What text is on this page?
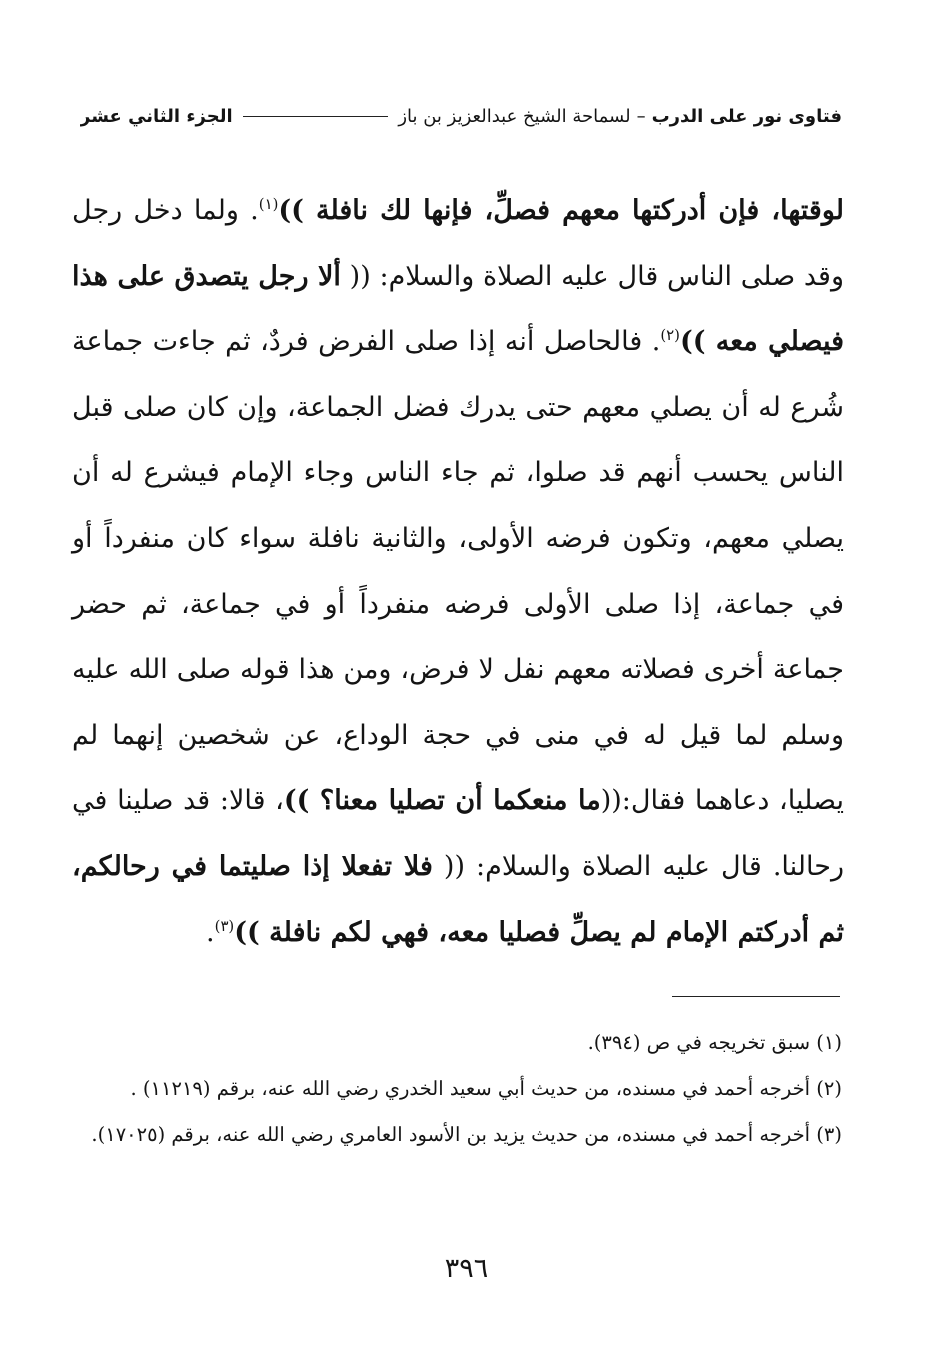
فتاوى نور على الدرب
–
لسماحة الشيخ عبدالعزيز بن باز
الجزء الثاني عشر
لوقتها، فإن أدركتها معهم فصلِّ، فإنها لك نافلة ))$^{(١)}$. ولما دخل رجل وقد صلى الناس قال عليه الصلاة والسلام: (( ألا رجل يتصدق على هذا فيصلي معه ))$^{(٢)}$. فالحاصل أنه إذا صلى الفرض فردٌ، ثم جاءت جماعة شُرع له أن يصلي معهم حتى يدرك فضل الجماعة، وإن كان صلى قبل الناس يحسب أنهم قد صلوا، ثم جاء الناس وجاء الإمام فيشرع له أن يصلي معهم، وتكون فرضه الأولى، والثانية نافلة سواء كان منفرداً أو في جماعة، إذا صلى الأولى فرضه منفرداً أو في جماعة، ثم حضر جماعة أخرى فصلاته معهم نفل لا فرض، ومن هذا قوله صلى الله عليه وسلم لما قيل له في منى في حجة الوداع، عن شخصين إنهما لم يصليا، دعاهما فقال:((ما منعكما أن تصليا معنا؟ ))، قالا: قد صلينا في رحالنا. قال عليه الصلاة والسلام: (( فلا تفعلا إذا صليتما في رحالكم، ثم أدركتم الإمام لم يصلِّ فصليا معه، فهي لكم نافلة ))$^{(٣)}$.

(١) سبق تخريجه في ص (٣٩٤).

(٢) أخرجه أحمد في مسنده، من حديث أبي سعيد الخدري رضي الله عنه، برقم (١١٢١٩) .

(٣) أخرجه أحمد في مسنده، من حديث يزيد بن الأسود العامري رضي الله عنه، برقم (١٧٠٢٥).

٣٩٦
